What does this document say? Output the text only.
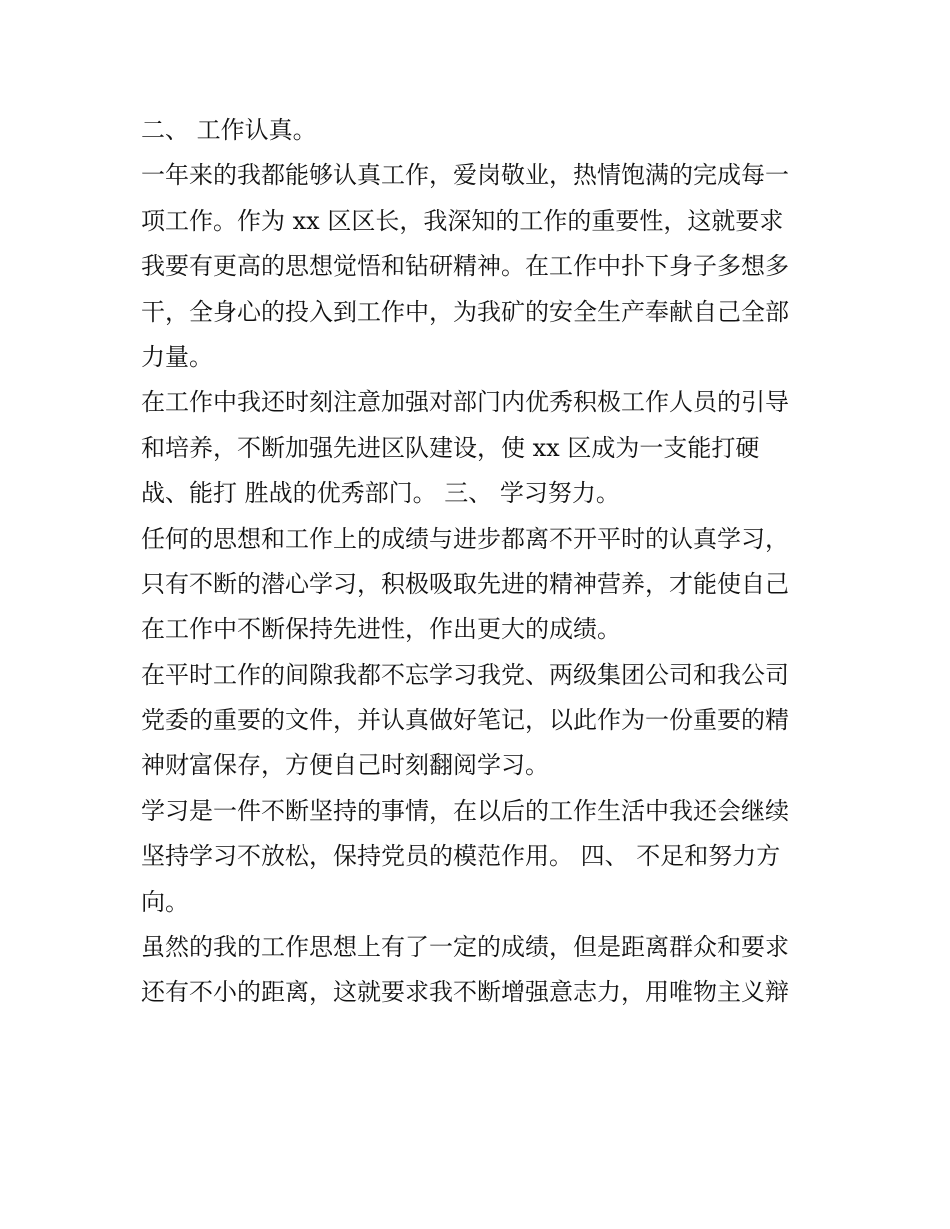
二、 工作认真。
一年来的我都能够认真工作，爱岗敬业，热情饱满的完成每一
项工作。作为 xx 区区长，我深知的工作的重要性，这就要求
我要有更高的思想觉悟和钻研精神。在工作中扑下身子多想多
干，全身心的投入到工作中，为我矿的安全生产奉献自己全部
力量。
在工作中我还时刻注意加强对部门内优秀积极工作人员的引导
和培养，不断加强先进区队建设，使 xx 区成为一支能打硬
战、能打 胜战的优秀部门。 三、 学习努力。
任何的思想和工作上的成绩与进步都离不开平时的认真学习，
只有不断的潜心学习，积极吸取先进的精神营养，才能使自己
在工作中不断保持先进性，作出更大的成绩。
在平时工作的间隙我都不忘学习我党、两级集团公司和我公司
党委的重要的文件，并认真做好笔记，以此作为一份重要的精
神财富保存，方便自己时刻翻阅学习。
学习是一件不断坚持的事情，在以后的工作生活中我还会继续
坚持学习不放松，保持党员的模范作用。 四、 不足和努力方
向。
虽然的我的工作思想上有了一定的成绩，但是距离群众和要求
还有不小的距离，这就要求我不断增强意志力，用唯物主义辩
